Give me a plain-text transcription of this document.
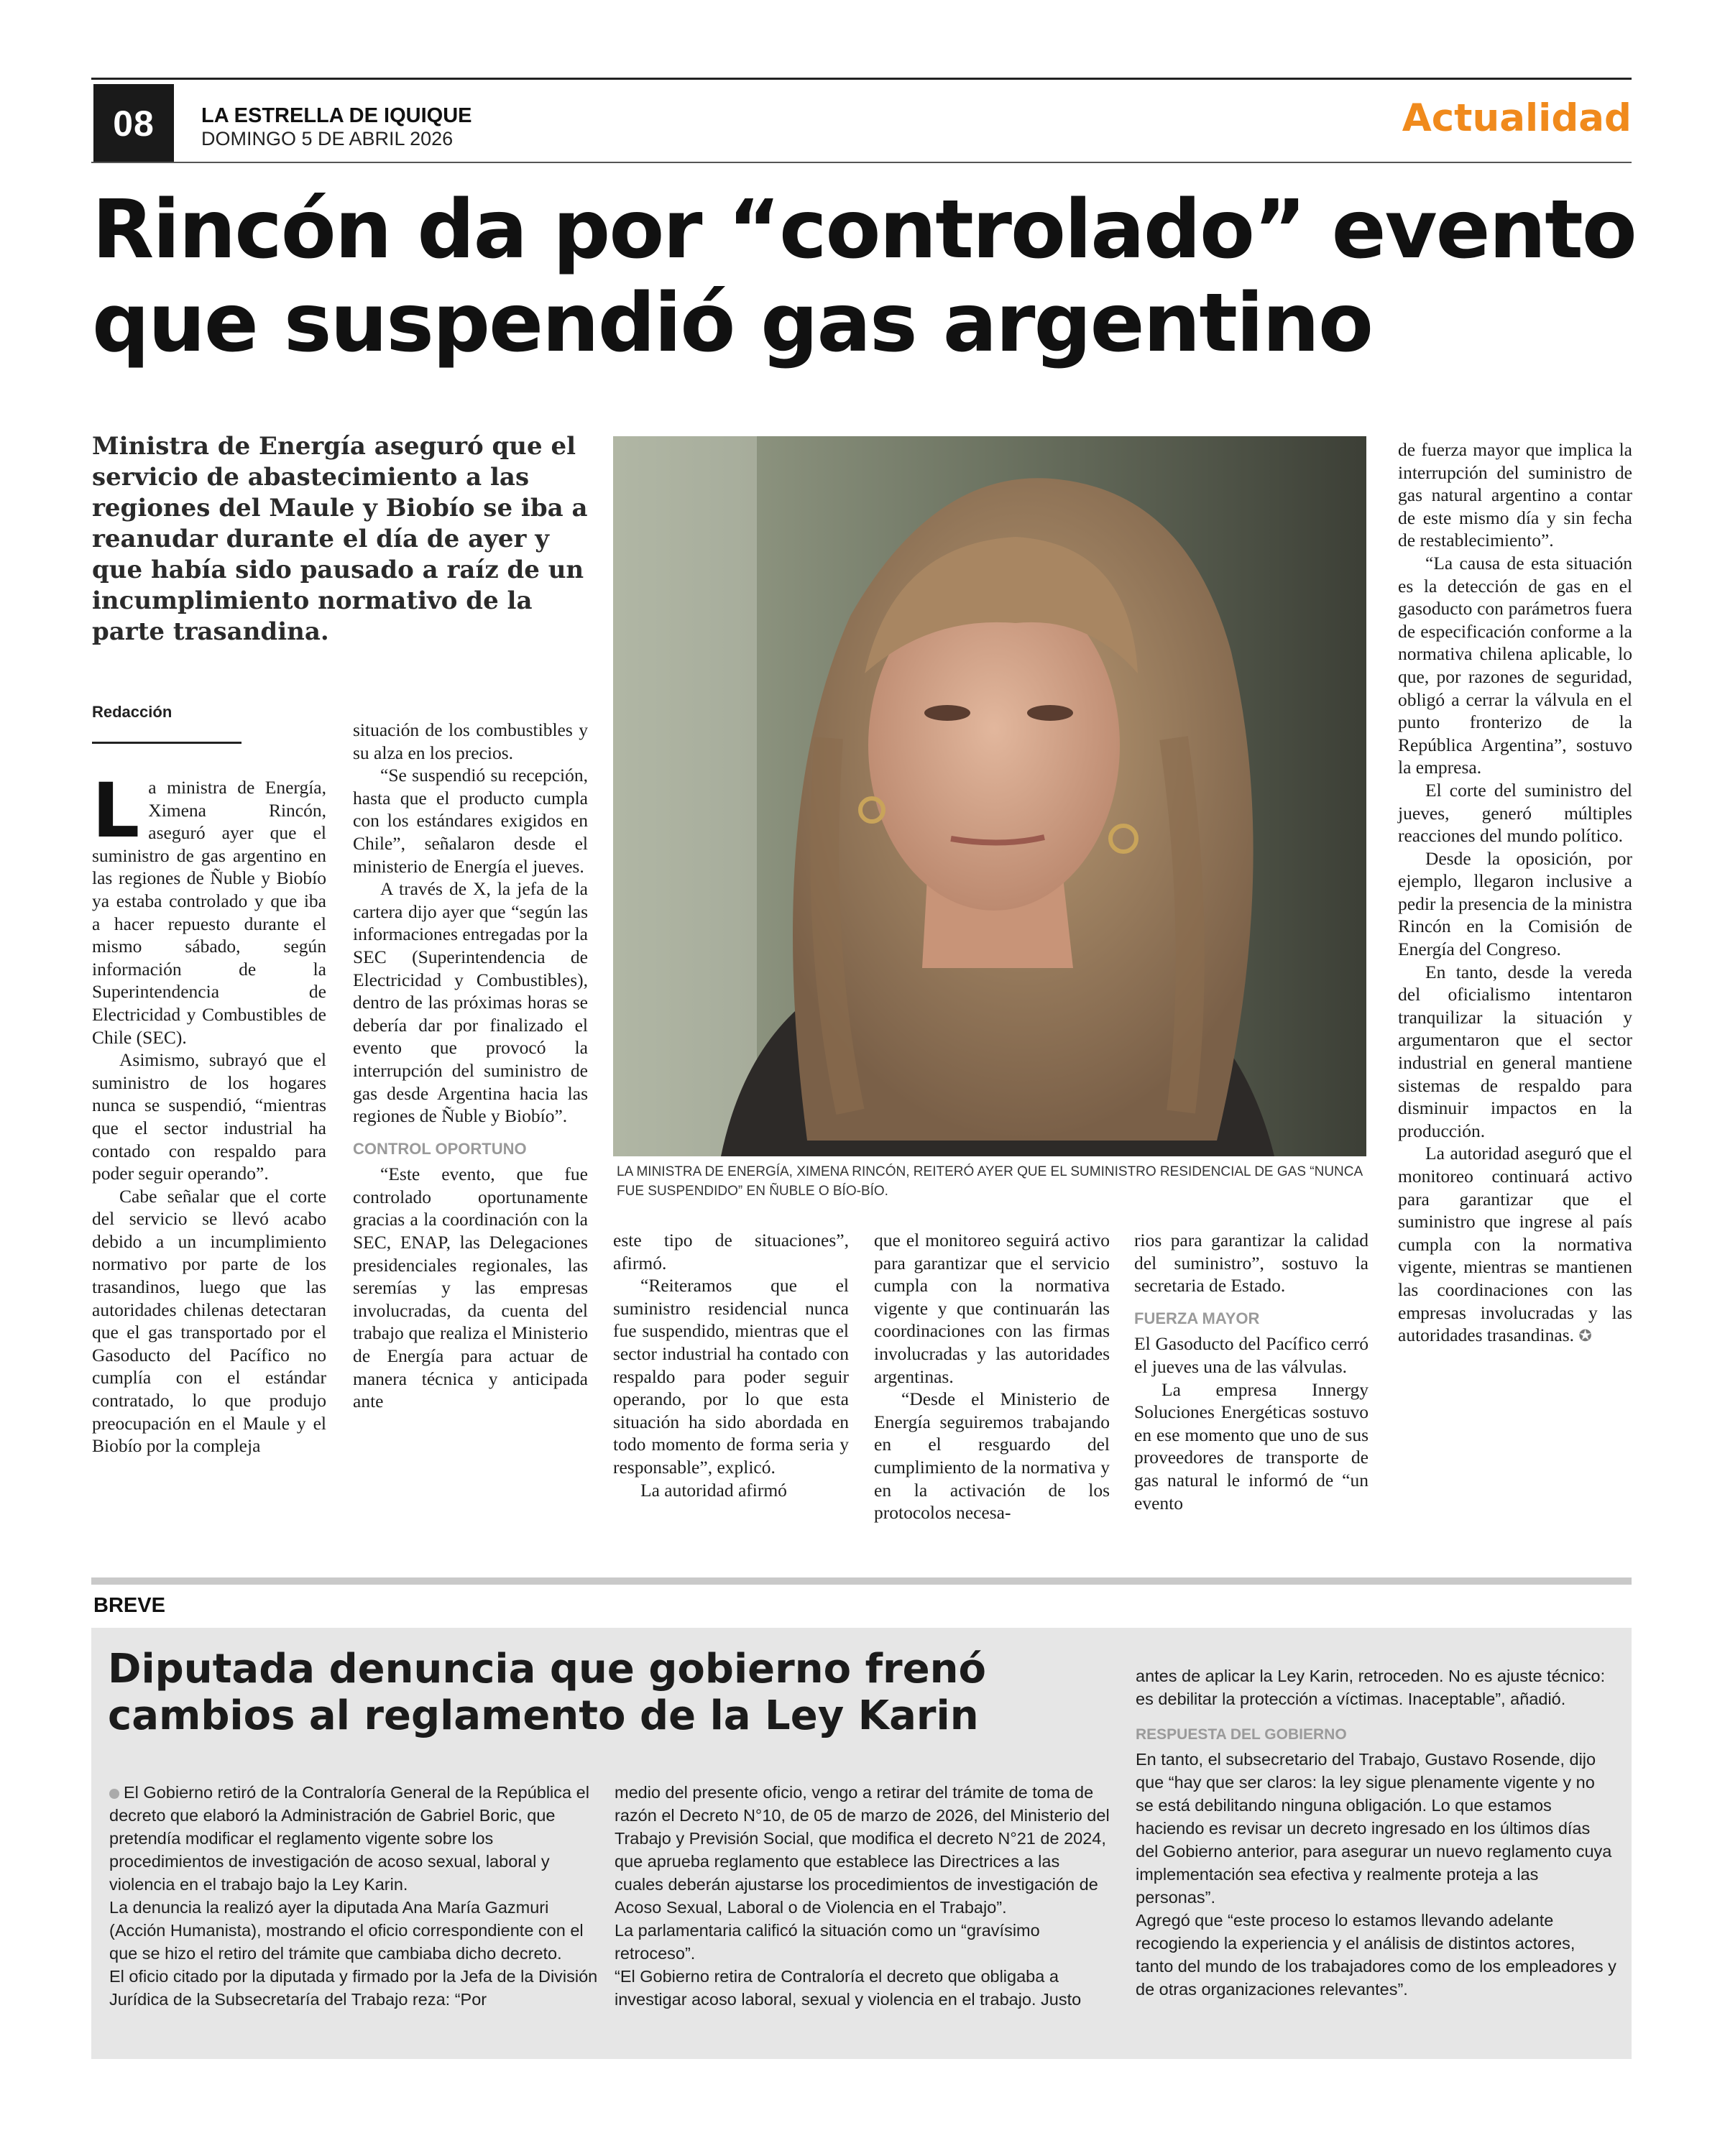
08	LA ESTRELLA DE IQUIQUE
DOMINGO 5 DE ABRIL 2026	Actualidad
Rincón da por “controlado” evento
que suspendió gas argentino
Ministra de Energía aseguró que el servicio de abastecimiento a las regiones del Maule y Biobío se iba a reanudar durante el día de ayer y que había sido pausado a raíz de un incumplimiento normativo de la parte trasandina.
Redacción

La ministra de Energía, Ximena Rincón, aseguró ayer que el suministro de gas argentino en las regiones de Ñuble y Biobío ya estaba controlado y que iba a hacer repuesto durante el mismo sábado, según información de la Superintendencia de Electricidad y Combustibles de Chile (SEC).

Asimismo, subrayó que el suministro de los hogares nunca se suspendió, “mientras que el sector industrial ha contado con respaldo para poder seguir operando”.

Cabe señalar que el corte del servicio se llevó acabo debido a un incumplimiento normativo por parte de los trasandinos, luego que las autoridades chilenas detectaran que el gas transportado por el Gasoducto del Pacífico no cumplía con el estándar contratado, lo que produjo preocupación en el Maule y el Biobío por la compleja

situación de los combustibles y su alza en los precios.

“Se suspendió su recepción, hasta que el producto cumpla con los estándares exigidos en Chile”, señalaron desde el ministerio de Energía el jueves.

A través de X, la jefa de la cartera dijo ayer que “según las informaciones entregadas por la SEC (Superintendencia de Electricidad y Combustibles), dentro de las próximas horas se debería dar por finalizado el evento que provocó la interrupción del suministro de gas desde Argentina hacia las regiones de Ñuble y Biobío”.

CONTROL OPORTUNO

“Este evento, que fue controlado oportunamente gracias a la coordinación con la SEC, ENAP, las Delegaciones presidenciales regionales, las seremías y las empresas involucradas, da cuenta del trabajo que realiza el Ministerio de Energía para actuar de manera técnica y anticipada ante

LA MINISTRA DE ENERGÍA, XIMENA RINCÓN, REITERÓ AYER QUE EL SUMINISTRO RESIDENCIAL DE GAS “NUNCA FUE SUSPENDIDO” EN ÑUBLE O BÍO-BÍO.

este tipo de situaciones”, afirmó.

“Reiteramos que el suministro residencial nunca fue suspendido, mientras que el sector industrial ha contado con respaldo para poder seguir operando, por lo que esta situación ha sido abordada en todo momento de forma seria y responsable”, explicó.

La autoridad afirmó

que el monitoreo seguirá activo para garantizar que el servicio cumpla con la normativa vigente y que continuarán las coordinaciones con las firmas involucradas y las autoridades argentinas.

“Desde el Ministerio de Energía seguiremos trabajando en el resguardo del cumplimiento de la normativa y en la activación de los protocolos necesa-

rios para garantizar la calidad del suministro”, sostuvo la secretaria de Estado.

FUERZA MAYOR

El Gasoducto del Pacífico cerró el jueves una de las válvulas.

La empresa Innergy Soluciones Energéticas sostuvo en ese momento que uno de sus proveedores de transporte de gas natural le informó de “un evento

de fuerza mayor que implica la interrupción del suministro de gas natural argentino a contar de este mismo día y sin fecha de restablecimiento”.

“La causa de esta situación es la detección de gas en el gasoducto con parámetros fuera de especificación conforme a la normativa chilena aplicable, lo que, por razones de seguridad, obligó a cerrar la válvula en el punto fronterizo de la República Argentina”, sostuvo la empresa.

El corte del suministro del jueves, generó múltiples reacciones del mundo político.

Desde la oposición, por ejemplo, llegaron inclusive a pedir la presencia de la ministra Rincón en la Comisión de Energía del Congreso.

En tanto, desde la vereda del oficialismo intentaron tranquilizar la situación y argumentaron que el sector industrial en general mantiene sistemas de respaldo para disminuir impactos en la producción.

La autoridad aseguró que el monitoreo continuará activo para garantizar que el suministro que ingrese al país cumpla con la normativa vigente, mientras se mantienen las coordinaciones con las empresas involucradas y las autoridades trasandinas. ✪

BREVE
Diputada denuncia que gobierno frenó cambios al reglamento de la Ley Karin

El Gobierno retiró de la Contraloría General de la República el decreto que elaboró la Administración de Gabriel Boric, que pretendía modificar el reglamento vigente sobre los procedimientos de investigación de acoso sexual, laboral y violencia en el trabajo bajo la Ley Karin.

La denuncia la realizó ayer la diputada Ana María Gazmuri (Acción Humanista), mostrando el oficio correspondiente con el que se hizo el retiro del trámite que cambiaba dicho decreto.

El oficio citado por la diputada y firmado por la Jefa de la División Jurídica de la Subsecretaría del Trabajo reza: “Por

medio del presente oficio, vengo a retirar del trámite de toma de razón el Decreto N°10, de 05 de marzo de 2026, del Ministerio del Trabajo y Previsión Social, que modifica el decreto N°21 de 2024, que aprueba reglamento que establece las Directrices a las cuales deberán ajustarse los procedimientos de investigación de Acoso Sexual, Laboral o de Violencia en el Trabajo”.

La parlamentaria calificó la situación como un “gravísimo retroceso”.

“El Gobierno retira de Contraloría el decreto que obligaba a investigar acoso laboral, sexual y violencia en el trabajo. Justo

antes de aplicar la Ley Karin, retroceden. No es ajuste técnico: es debilitar la protección a víctimas. Inaceptable”, añadió.

RESPUESTA DEL GOBIERNO

En tanto, el subsecretario del Trabajo, Gustavo Rosende, dijo que “hay que ser claros: la ley sigue plenamente vigente y no se está debilitando ninguna obligación. Lo que estamos haciendo es revisar un decreto ingresado en los últimos días del Gobierno anterior, para asegurar un nuevo reglamento cuya implementación sea efectiva y realmente proteja a las personas”.

Agregó que “este proceso lo estamos llevando adelante recogiendo la experiencia y el análisis de distintos actores, tanto del mundo de los trabajadores como de los empleadores y de otras organizaciones relevantes”.
